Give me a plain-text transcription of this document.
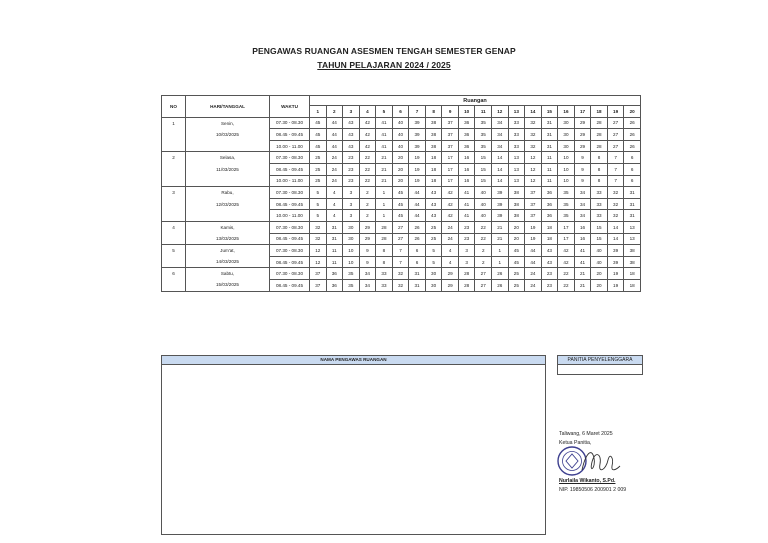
PENGAWAS RUANGAN ASESMEN TENGAH SEMESTER GENAP
TAHUN PELAJARAN 2024 / 2025
NO	HARI/TANGGAL	WAKTU	Ruangan																			
			1	2	3	4	5	6	7	8	9	10	11	12	13	14	15	16	17	18	19	20
1	Senin,	07.30 - 08.30	45	44	43	42	41	40	39	38	37	36	35	34	33	32	31	30	29	28	27	26
	10/03/2025	08.45 - 09.45	45	44	43	42	41	40	39	38	37	36	35	34	33	32	31	30	29	28	27	26
		10.00 - 11.00	45	44	43	42	41	40	39	38	37	36	35	34	33	32	31	30	29	28	27	26
2	Selasa,	07.30 - 08.30	25	24	23	22	21	20	19	18	17	16	15	14	13	12	11	10	9	8	7	6
	11/03/2025	08.45 - 09.45	25	24	23	22	21	20	19	18	17	16	15	14	13	12	11	10	9	8	7	6
		10.00 - 11.00	25	24	23	22	21	20	19	18	17	16	15	14	13	12	11	10	9	8	7	6
3	Rabu,	07.30 - 08.30	5	4	3	2	1	45	44	43	42	41	40	39	38	37	36	35	34	33	32	31
	12/03/2025	08.45 - 09.45	5	4	3	2	1	45	44	43	42	41	40	39	38	37	36	35	34	33	32	31
		10.00 - 11.00	5	4	3	2	1	45	44	43	42	41	40	39	38	37	36	35	34	33	32	31
4	Kamis,	07.30 - 08.30	32	31	30	29	28	27	26	25	24	23	22	21	20	19	18	17	16	15	14	13
	13/03/2025	08.45 - 09.45	32	31	30	29	28	27	26	25	24	23	22	21	20	19	18	17	16	15	14	13
5	Jum'at,	07.30 - 08.30	12	11	10	9	8	7	6	5	4	3	2	1	45	44	43	42	41	40	39	38
	14/03/2025	08.45 - 09.45	12	11	10	9	8	7	6	5	4	3	2	1	45	44	43	42	41	40	39	38
6	Sabtu,	07.30 - 08.30	37	36	35	34	33	32	31	30	29	28	27	26	25	24	23	22	21	20	19	18
	15/03/2025	08.45 - 09.45	37	36	35	34	33	32	31	30	29	28	27	26	25	24	23	22	21	20	19	18
NAMA PENGAWAS RUANGAN	PANITIA PENYELENGGARA
Taliwang, 6 Maret 2025
Ketua Panitia,
Nurlaila Wikanto, S.Pd.
NIP. 19850506 200901 2 009
